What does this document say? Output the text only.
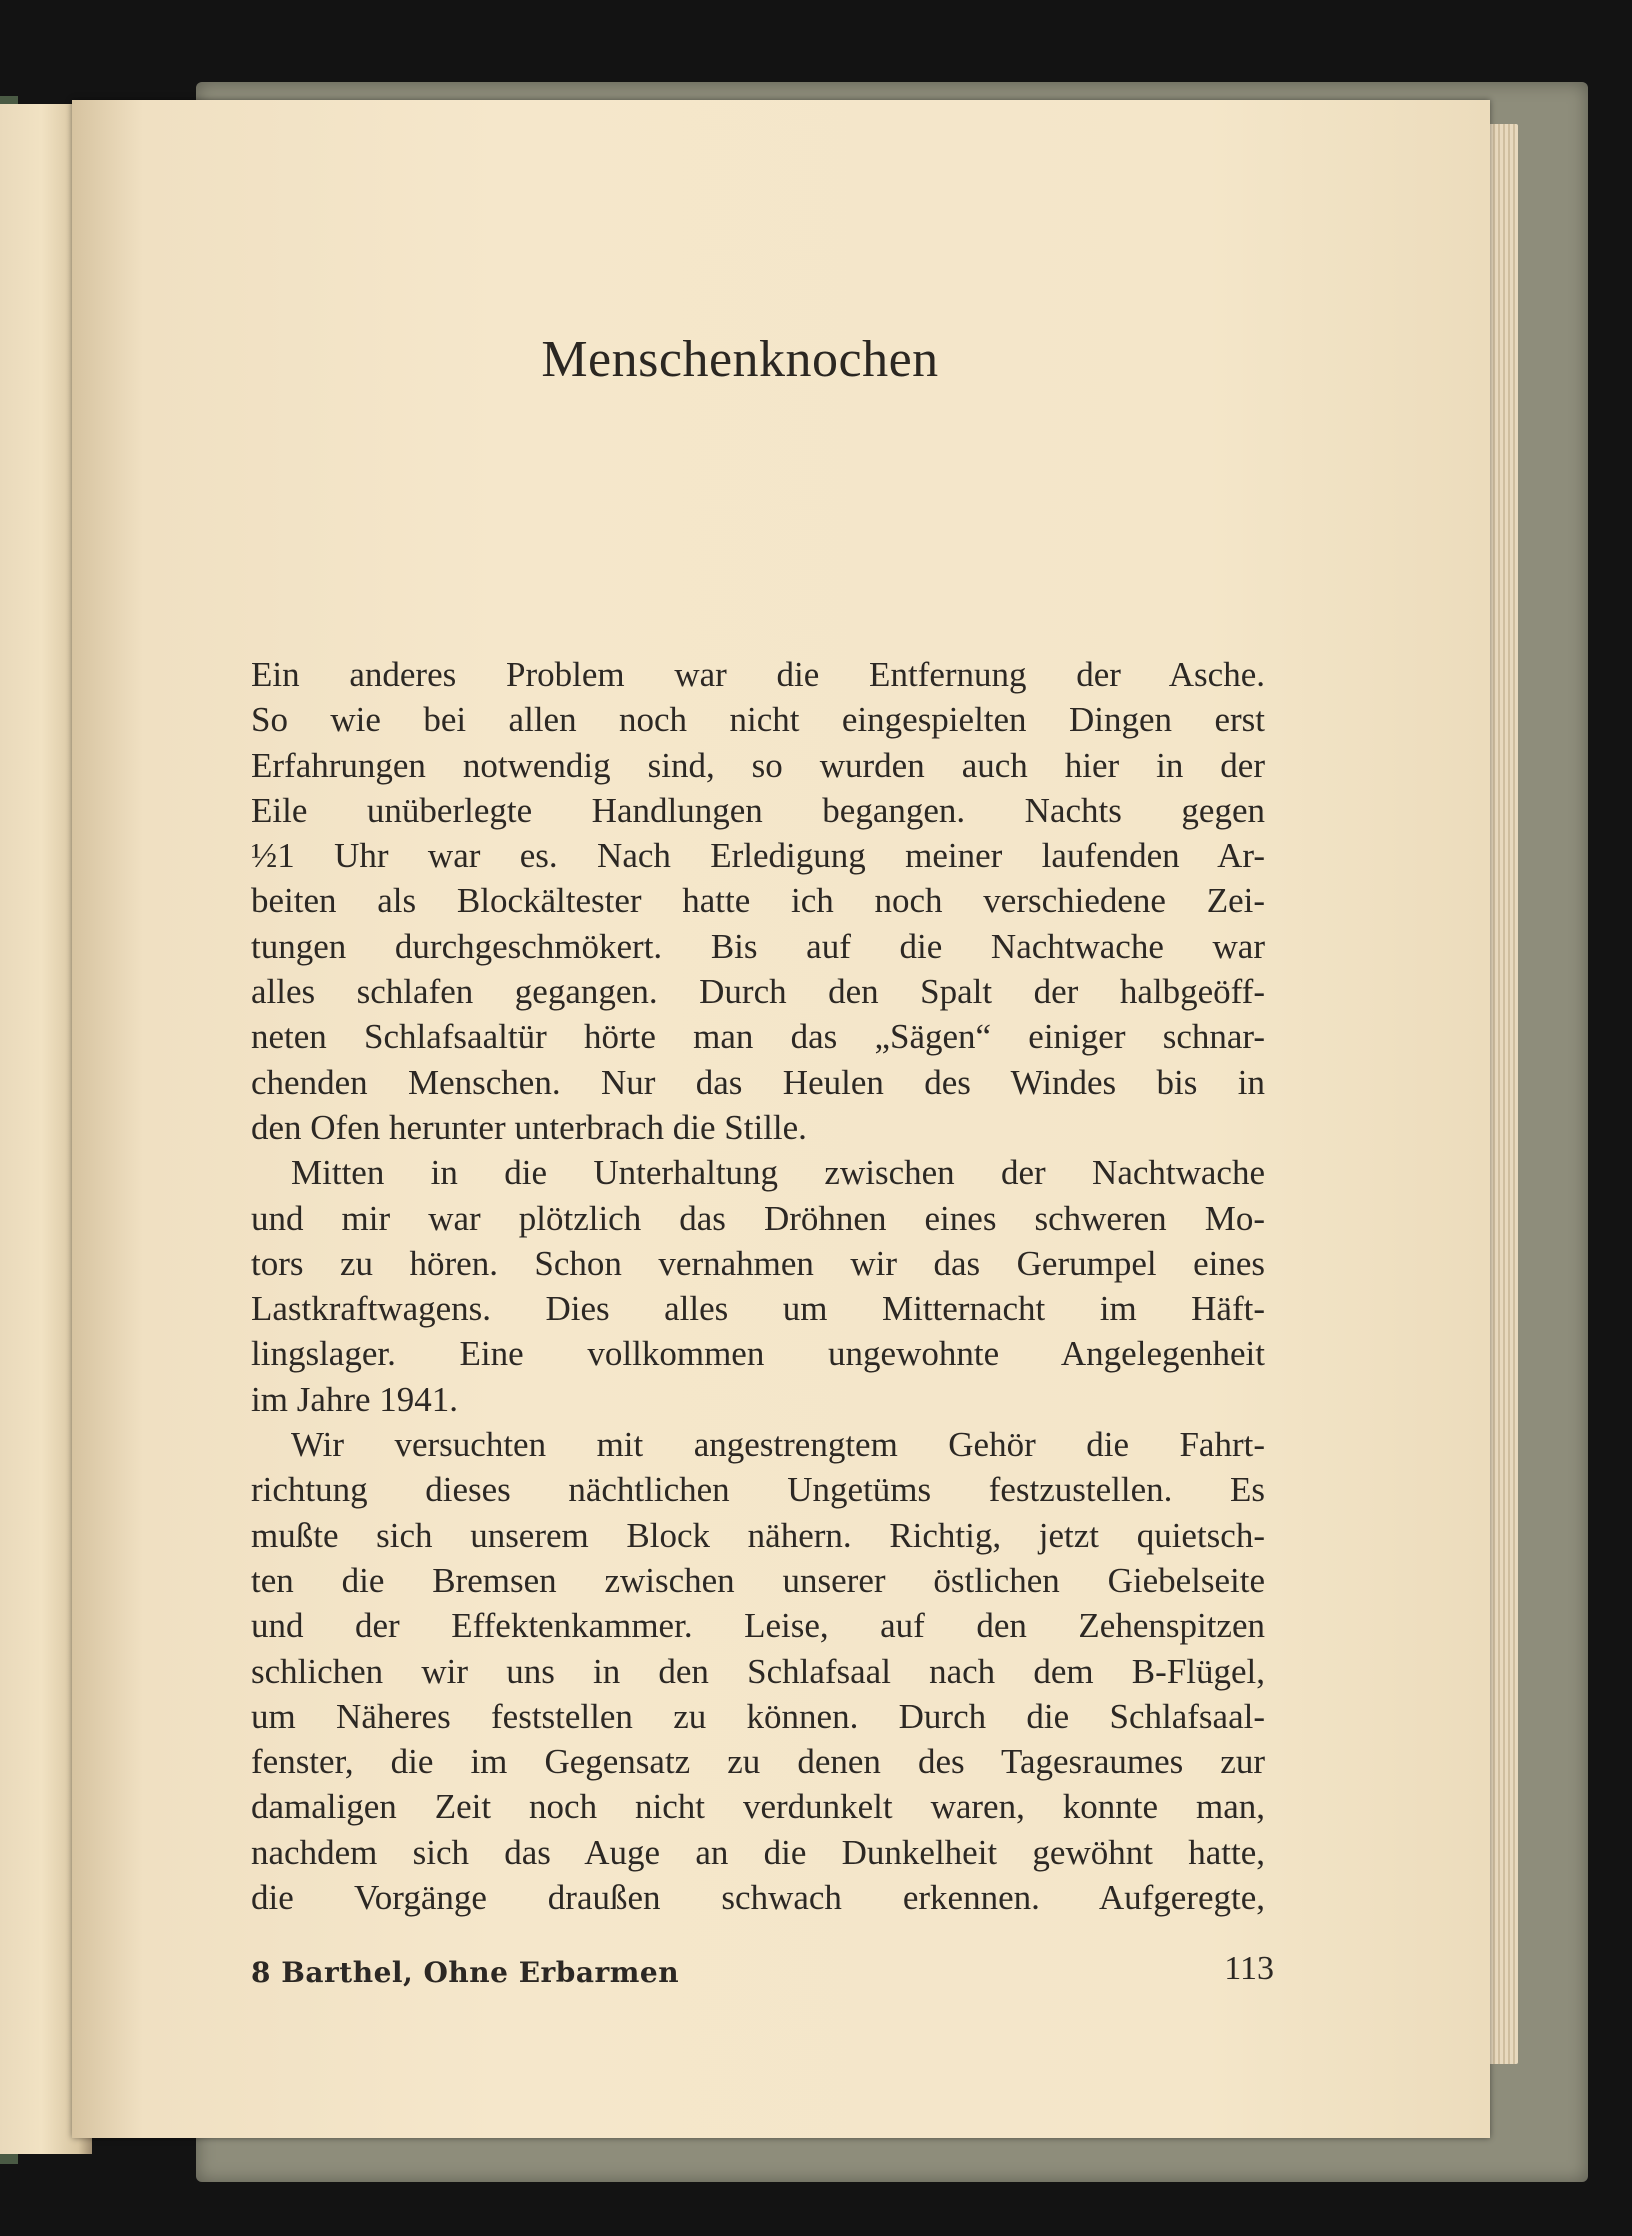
Menschenknochen
Ein anderes Problem war die Entfernung der Asche.
So wie bei allen noch nicht eingespielten Dingen erst
Erfahrungen notwendig sind, so wurden auch hier in der
Eile unüberlegte Handlungen begangen. Nachts gegen
½1 Uhr war es. Nach Erledigung meiner laufenden Ar-
beiten als Blockältester hatte ich noch verschiedene Zei-
tungen durchgeschmökert. Bis auf die Nachtwache war
alles schlafen gegangen. Durch den Spalt der halbgeöff-
neten Schlafsaaltür hörte man das „Sägen“ einiger schnar-
chenden Menschen. Nur das Heulen des Windes bis in
den Ofen herunter unterbrach die Stille.
Mitten in die Unterhaltung zwischen der Nachtwache
und mir war plötzlich das Dröhnen eines schweren Mo-
tors zu hören. Schon vernahmen wir das Gerumpel eines
Lastkraftwagens. Dies alles um Mitternacht im Häft-
lingslager. Eine vollkommen ungewohnte Angelegenheit
im Jahre 1941.
Wir versuchten mit angestrengtem Gehör die Fahrt-
richtung dieses nächtlichen Ungetüms festzustellen. Es
mußte sich unserem Block nähern. Richtig, jetzt quietsch-
ten die Bremsen zwischen unserer östlichen Giebelseite
und der Effektenkammer. Leise, auf den Zehenspitzen
schlichen wir uns in den Schlafsaal nach dem B-Flügel,
um Näheres feststellen zu können. Durch die Schlafsaal-
fenster, die im Gegensatz zu denen des Tagesraumes zur
damaligen Zeit noch nicht verdunkelt waren, konnte man,
nachdem sich das Auge an die Dunkelheit gewöhnt hatte,
die Vorgänge draußen schwach erkennen. Aufgeregte,
8 Barthel, Ohne Erbarmen	113
